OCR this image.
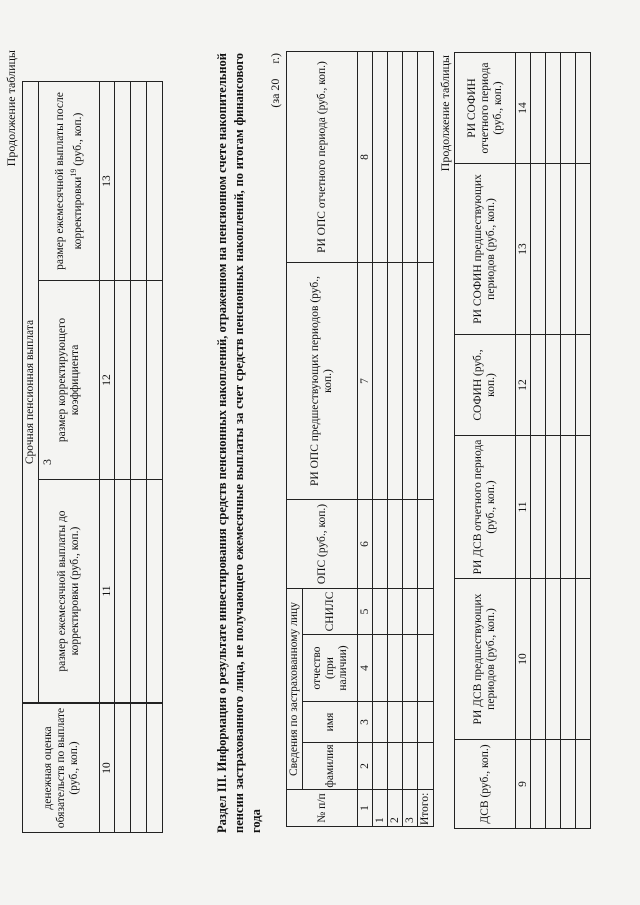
3
Продолжение таблицы
денежная оценка обязательств по выплате (руб., коп.)
Срочная пенсионная выплата
размер ежемесячной выплаты до корректировки (руб., коп.)
размер корректирующего коэффициента
размер ежемесячной выплаты после корректировки$^{19}$ (руб., коп.)
10
11
12
13	Раздел III. Информация о результате инвестирования средств пенсионных накоплений, отраженном на пенсионном счете накопительной пенсии застрахованного лица, не получающего ежемесячные выплаты за счет средств пенсионных накоплений, по итогам финансового года
(за 20     г.)
№ п/п
Сведения по застрахованному лицу фамилия
имя
отчество (при наличии)
СНИЛС
ОПС (руб., коп.)
РИ ОПС предшествующих периодов (руб., коп.)
РИ ОПС отчетного периода (руб., коп.)
1
2
3
4
5
6
7
8
1 2 3 Итого:
Продолжение таблицы
ДСВ (руб., коп.)
РИ ДСВ предшествующих периодов (руб., коп.)
РИ ДСВ отчетного периода (руб., коп.)
СОФИН (руб., коп.)
РИ СОФИН предшествующих периодов (руб., коп.)
РИ СОФИН отчетного периода (руб., коп.)
9
10
11
12
13
14
